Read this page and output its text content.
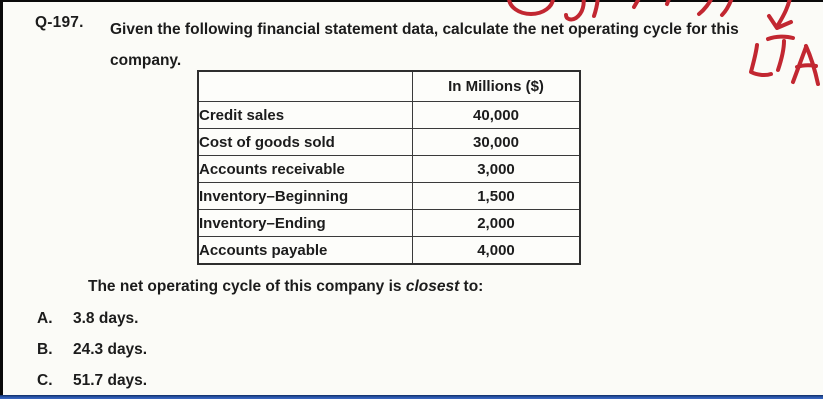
Q-197. Given the following financial statement data, calculate the net operating cycle for this
company.
	In Millions ($)
Credit sales	40,000
Cost of goods sold	30,000
Accounts receivable	3,000
Inventory–Beginning	1,500
Inventory–Ending	2,000
Accounts payable	4,000
The net operating cycle of this company is closest to:
A. 3.8 days.
B. 24.3 days.
C. 51.7 days.
